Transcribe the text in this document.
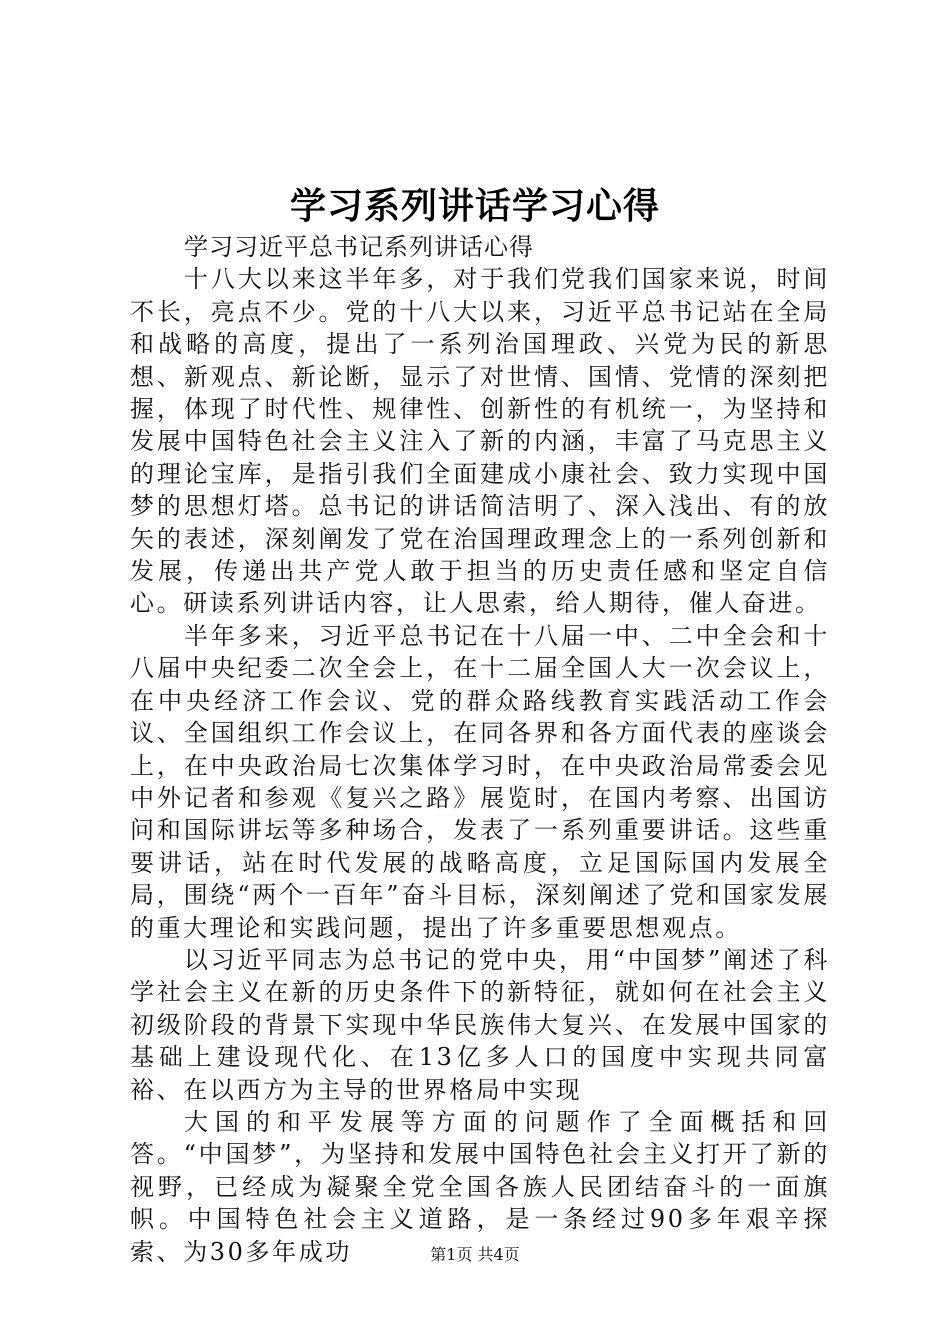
学习系列讲话学习心得

学习习近平总书记系列讲话心得

十八大以来这半年多，对于我们党我们国家来说，时间不长，亮点不少。党的十八大以来，习近平总书记站在全局和战略的高度，提出了一系列治国理政、兴党为民的新思想、新观点、新论断，显示了对世情、国情、党情的深刻把握，体现了时代性、规律性、创新性的有机统一，为坚持和发展中国特色社会主义注入了新的内涵，丰富了马克思主义的理论宝库，是指引我们全面建成小康社会、致力实现中国梦的思想灯塔。总书记的讲话简洁明了、深入浅出、有的放矢的表述，深刻阐发了党在治国理政理念上的一系列创新和发展，传递出共产党人敢于担当的历史责任感和坚定自信心。研读系列讲话内容，让人思索，给人期待，催人奋进。

半年多来，习近平总书记在十八届一中、二中全会和十八届中央纪委二次全会上，在十二届全国人大一次会议上，在中央经济工作会议、党的群众路线教育实践活动工作会议、全国组织工作会议上，在同各界和各方面代表的座谈会上，在中央政治局七次集体学习时，在中央政治局常委会见中外记者和参观《复兴之路》展览时，在国内考察、出国访问和国际讲坛等多种场合，发表了一系列重要讲话。这些重要讲话，站在时代发展的战略高度，立足国际国内发展全局，围绕“两个一百年”奋斗目标，深刻阐述了党和国家发展的重大理论和实践问题，提出了许多重要思想观点。

以习近平同志为总书记的党中央，用“中国梦”阐述了科学社会主义在新的历史条件下的新特征，就如何在社会主义初级阶段的背景下实现中华民族伟大复兴、在发展中国家的基础上建设现代化、在13亿多人口的国度中实现共同富裕、在以西方为主导的世界格局中实现

大国的和平发展等方面的问题作了全面概括和回答。“中国梦”，为坚持和发展中国特色社会主义打开了新的视野，已经成为凝聚全党全国各族人民团结奋斗的一面旗帜。中国特色社会主义道路，是一条经过90多年艰辛探索、为30多年成功	第1页 共4页
